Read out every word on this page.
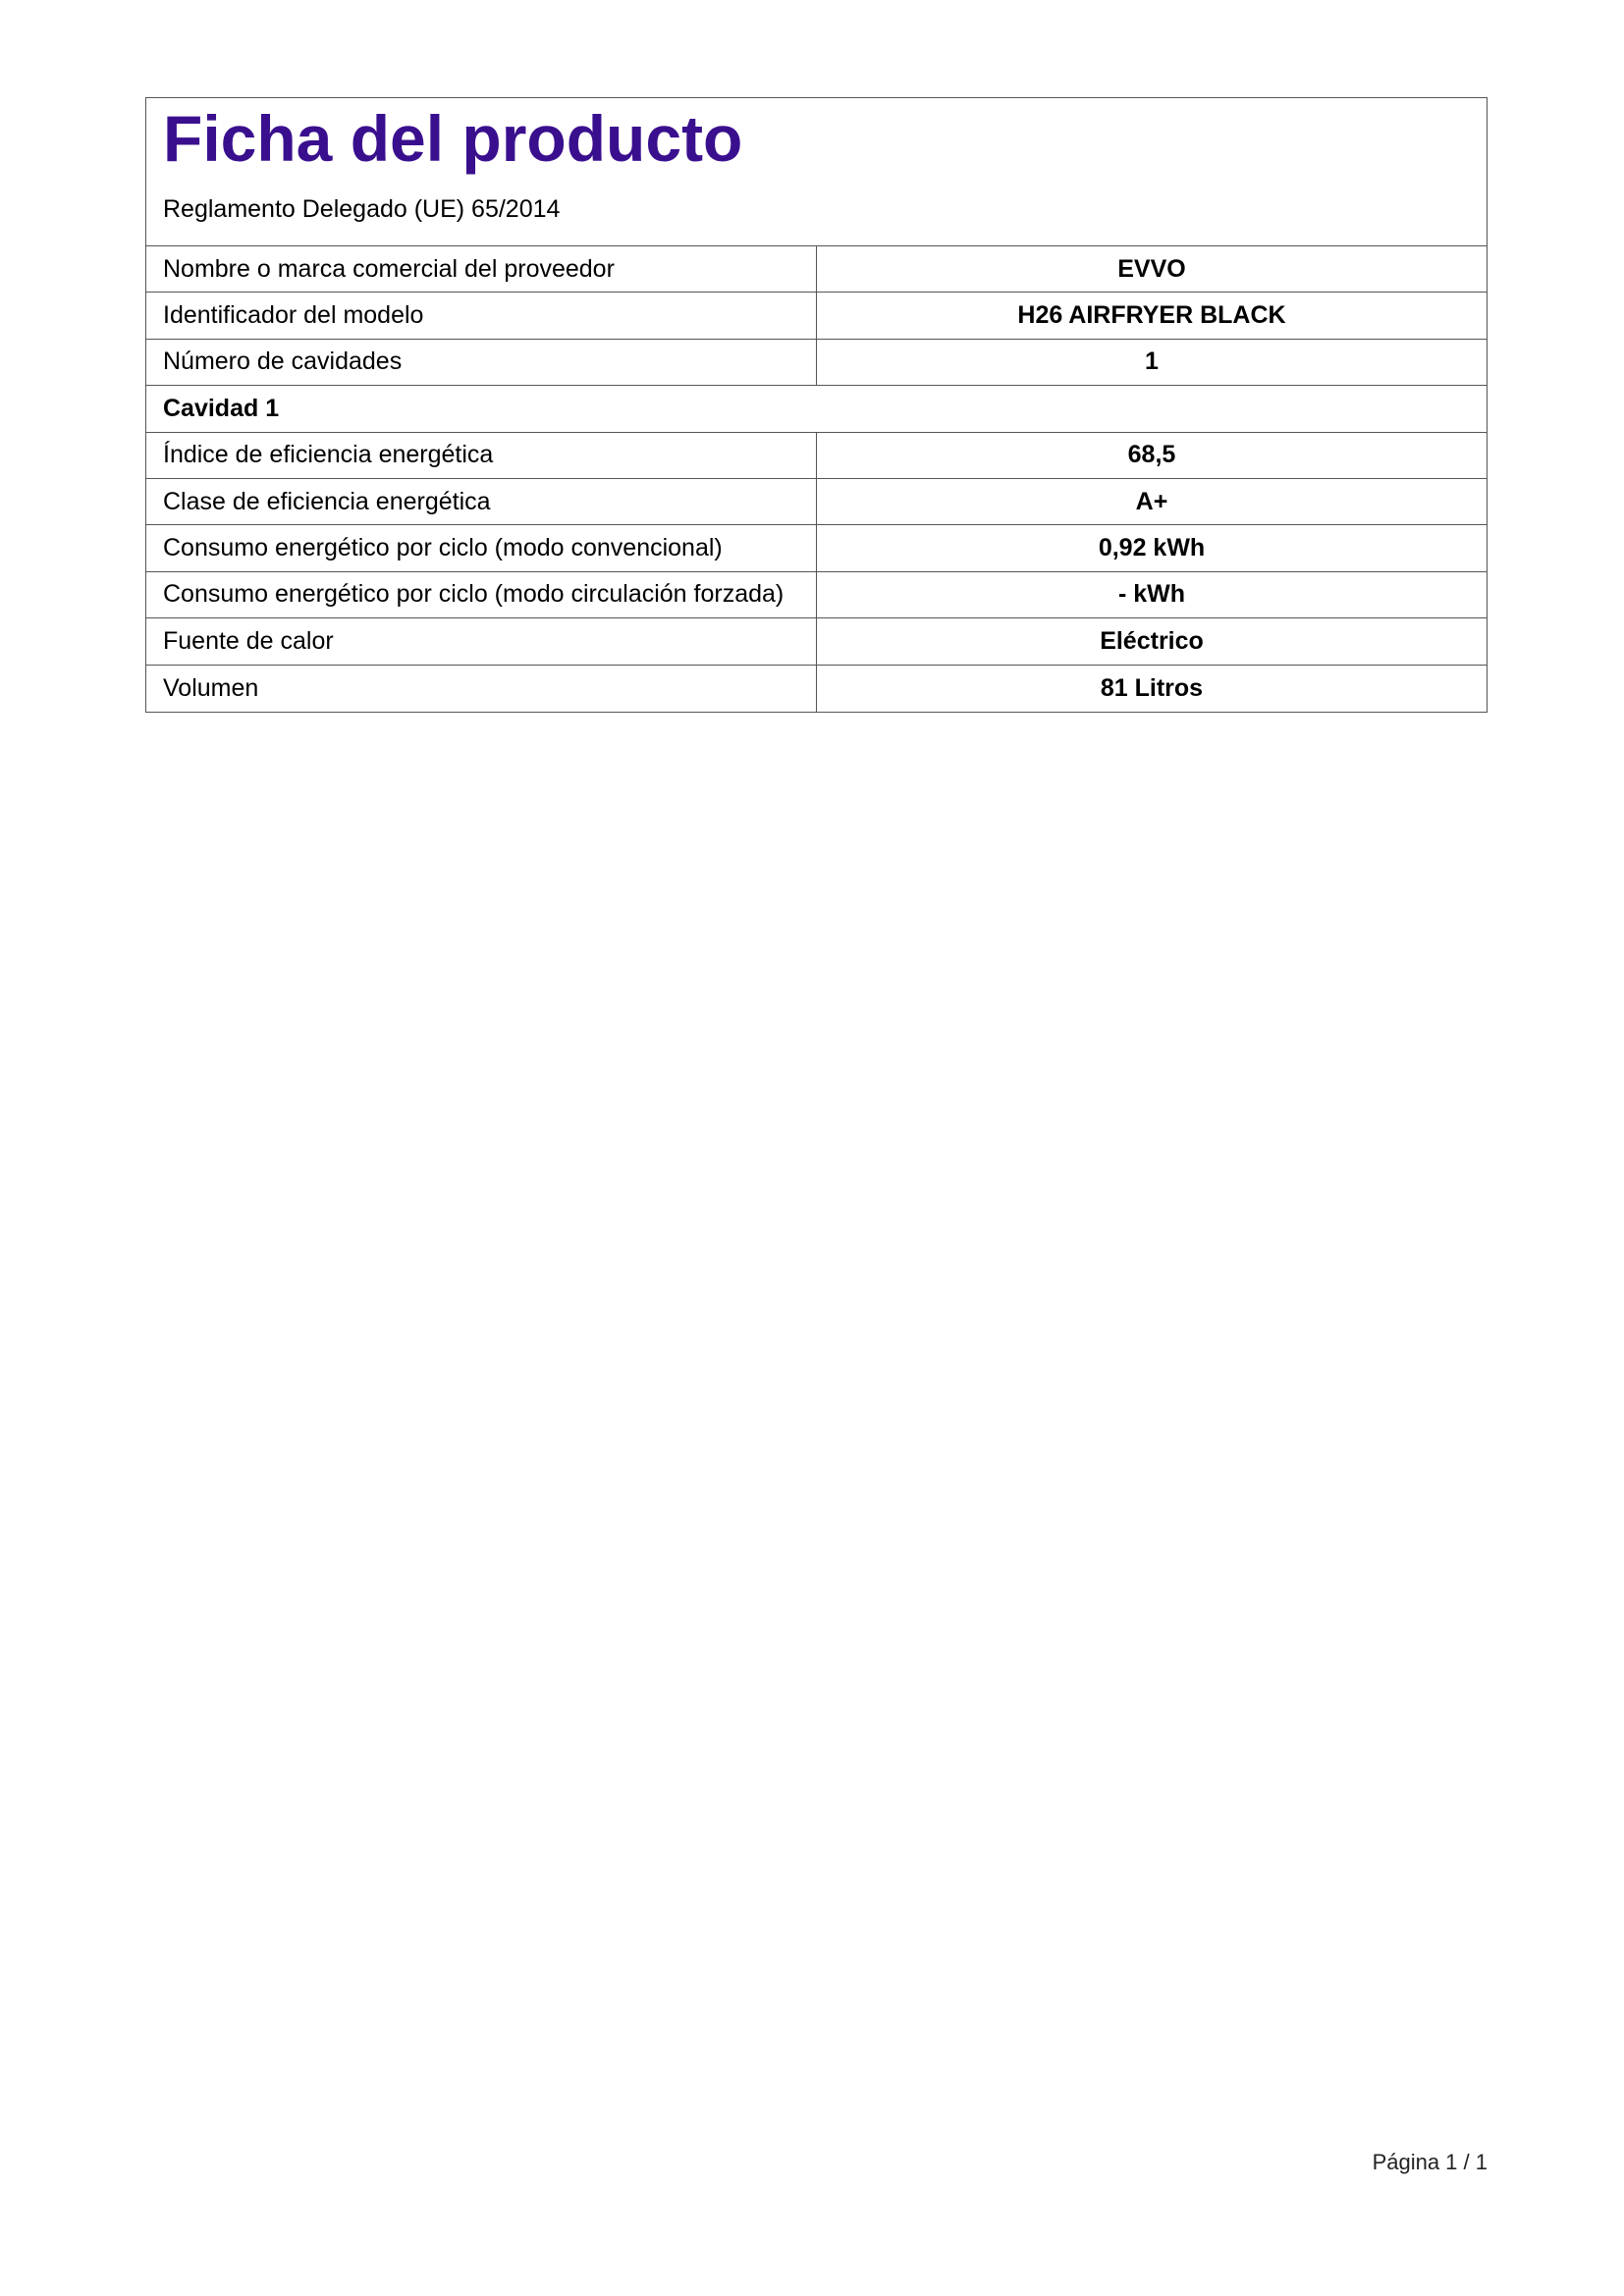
Ficha del producto
Reglamento Delegado (UE) 65/2014
Nombre o marca comercial del proveedor	EVVO
Identificador del modelo	H26 AIRFRYER BLACK
Número de cavidades	1
Cavidad 1
Índice de eficiencia energética	68,5
Clase de eficiencia energética	A+
Consumo energético por ciclo (modo convencional)	0,92 kWh
Consumo energético por ciclo (modo circulación forzada)	- kWh
Fuente de calor	Eléctrico
Volumen	81 Litros
Página 1 / 1
